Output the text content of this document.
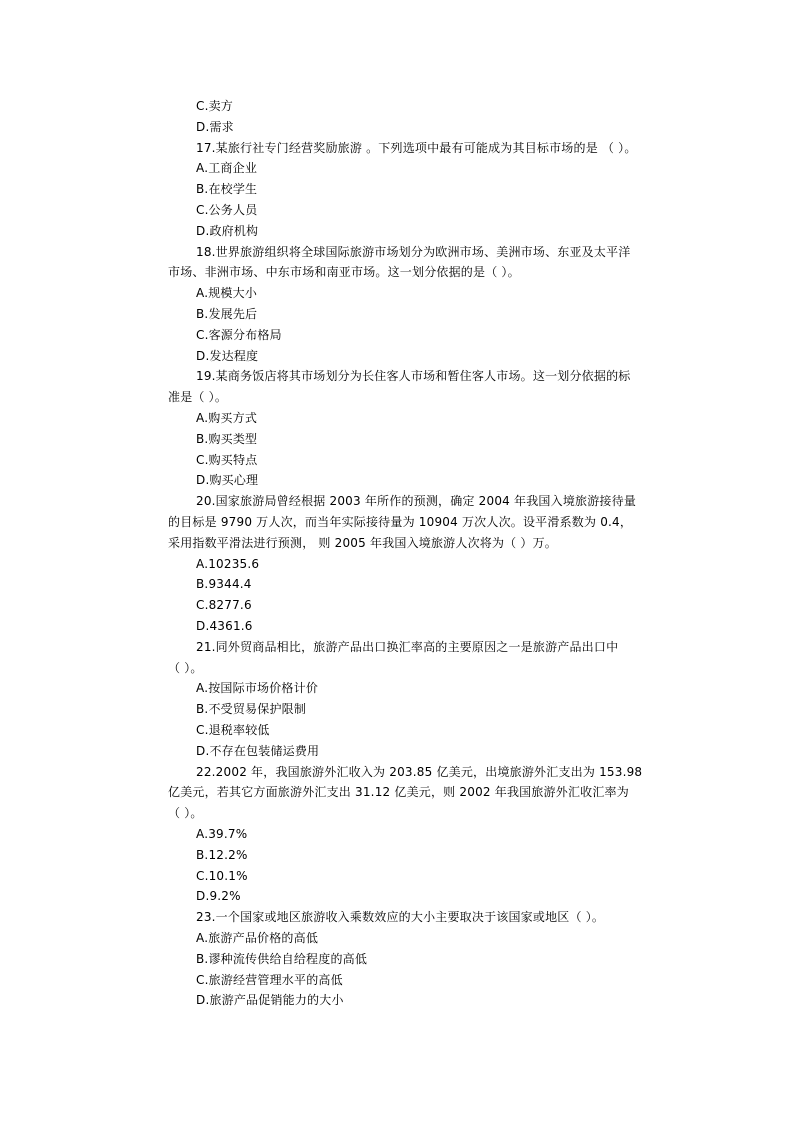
C.卖方
D.需求
17.某旅行社专门经营奖励旅游 。下列选项中最有可能成为其目标市场的是 （ ）。
A.工商企业
B.在校学生
C.公务人员
D.政府机构
18.世界旅游组织将全球国际旅游市场划分为欧洲市场、美洲市场、东亚及太平洋
市场、非洲市场、中东市场和南亚市场。这一划分依据的是（ ）。
A.规模大小
B.发展先后
C.客源分布格局
D.发达程度
19.某商务饭店将其市场划分为长住客人市场和暂住客人市场。这一划分依据的标
准是（ ）。
A.购买方式
B.购买类型
C.购买特点
D.购买心理
20.国家旅游局曾经根据 2003 年所作的预测，确定 2004 年我国入境旅游接待量
的目标是 9790 万人次，而当年实际接待量为 10904 万次人次。设平滑系数为 0.4，
采用指数平滑法进行预测， 则 2005 年我国入境旅游人次将为（ ）万。
A.10235.6
B.9344.4
C.8277.6
D.4361.6
21.同外贸商品相比，旅游产品出口换汇率高的主要原因之一是旅游产品出口中
（ ）。
A.按国际市场价格计价
B.不受贸易保护限制
C.退税率较低
D.不存在包装储运费用
22.2002 年，我国旅游外汇收入为 203.85 亿美元，出境旅游外汇支出为 153.98
亿美元，若其它方面旅游外汇支出 31.12 亿美元，则 2002 年我国旅游外汇收汇率为
（ ）。
A.39.7%
B.12.2%
C.10.1%
D.9.2%
23.一个国家或地区旅游收入乘数效应的大小主要取决于该国家或地区（ ）。
A.旅游产品价格的高低
B.谬种流传供给自给程度的高低
C.旅游经营管理水平的高低
D.旅游产品促销能力的大小
